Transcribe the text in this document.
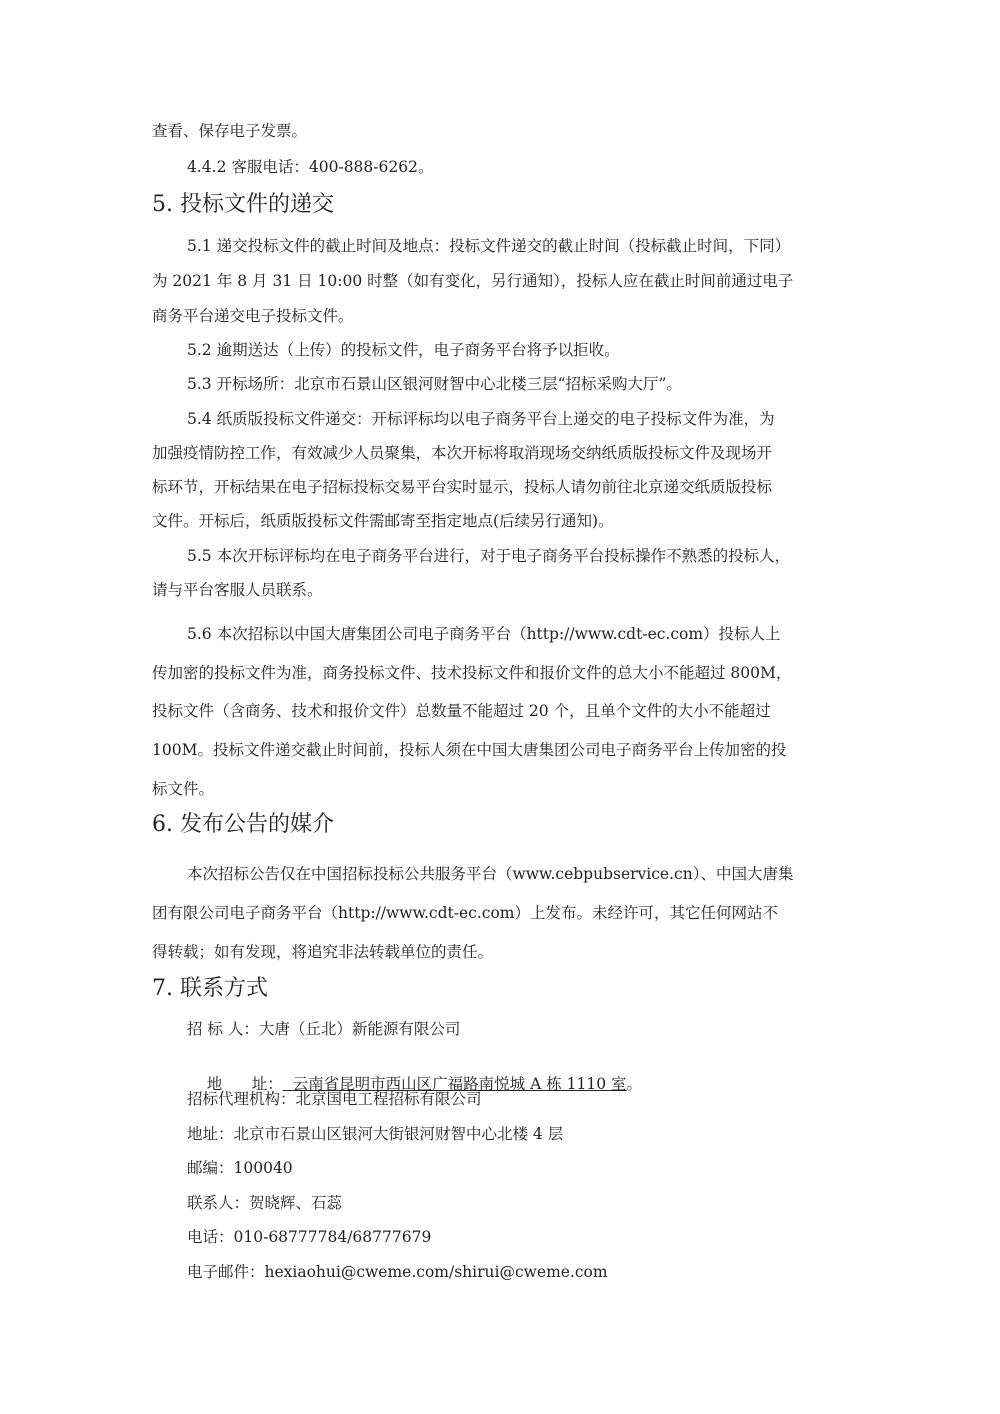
查看、保存电子发票。
4.4.2 客服电话：400-888-6262。
5. 投标文件的递交
5.1 递交投标文件的截止时间及地点：投标文件递交的截止时间（投标截止时间，下同）
为 2021 年 8 月 31 日 10:00 时整（如有变化，另行通知），投标人应在截止时间前通过电子
商务平台递交电子投标文件。
5.2 逾期送达（上传）的投标文件，电子商务平台将予以拒收。
5.3 开标场所：北京市石景山区银河财智中心北楼三层“招标采购大厅”。
5.4 纸质版投标文件递交：开标评标均以电子商务平台上递交的电子投标文件为准，为
加强疫情防控工作，有效减少人员聚集，本次开标将取消现场交纳纸质版投标文件及现场开
标环节，开标结果在电子招标投标交易平台实时显示，投标人请勿前往北京递交纸质版投标
文件。开标后，纸质版投标文件需邮寄至指定地点(后续另行通知)。
5.5 本次开标评标均在电子商务平台进行，对于电子商务平台投标操作不熟悉的投标人，
请与平台客服人员联系。
5.6 本次招标以中国大唐集团公司电子商务平台（http://www.cdt-ec.com）投标人上
传加密的投标文件为准，商务投标文件、技术投标文件和报价文件的总大小不能超过 800M，
投标文件（含商务、技术和报价文件）总数量不能超过 20 个，且单个文件的大小不能超过
100M。投标文件递交截止时间前，投标人须在中国大唐集团公司电子商务平台上传加密的投
标文件。
6. 发布公告的媒介
本次招标公告仅在中国招标投标公共服务平台（www.cebpubservice.cn）、中国大唐集
团有限公司电子商务平台（http://www.cdt-ec.com）上发布。未经许可，其它任何网站不
得转载；如有发现，将追究非法转载单位的责任。
7. 联系方式
招 标 人：大唐（丘北）新能源有限公司

地      址： 云南省昆明市西山区广福路南悦城 A 栋 1110 室。

招标代理机构：北京国电工程招标有限公司
地址：北京市石景山区银河大街银河财智中心北楼 4 层
邮编：100040
联系人：贺晓辉、石蕊
电话：010-68777784/68777679
电子邮件：hexiaohui@cweme.com/shirui@cweme.com
